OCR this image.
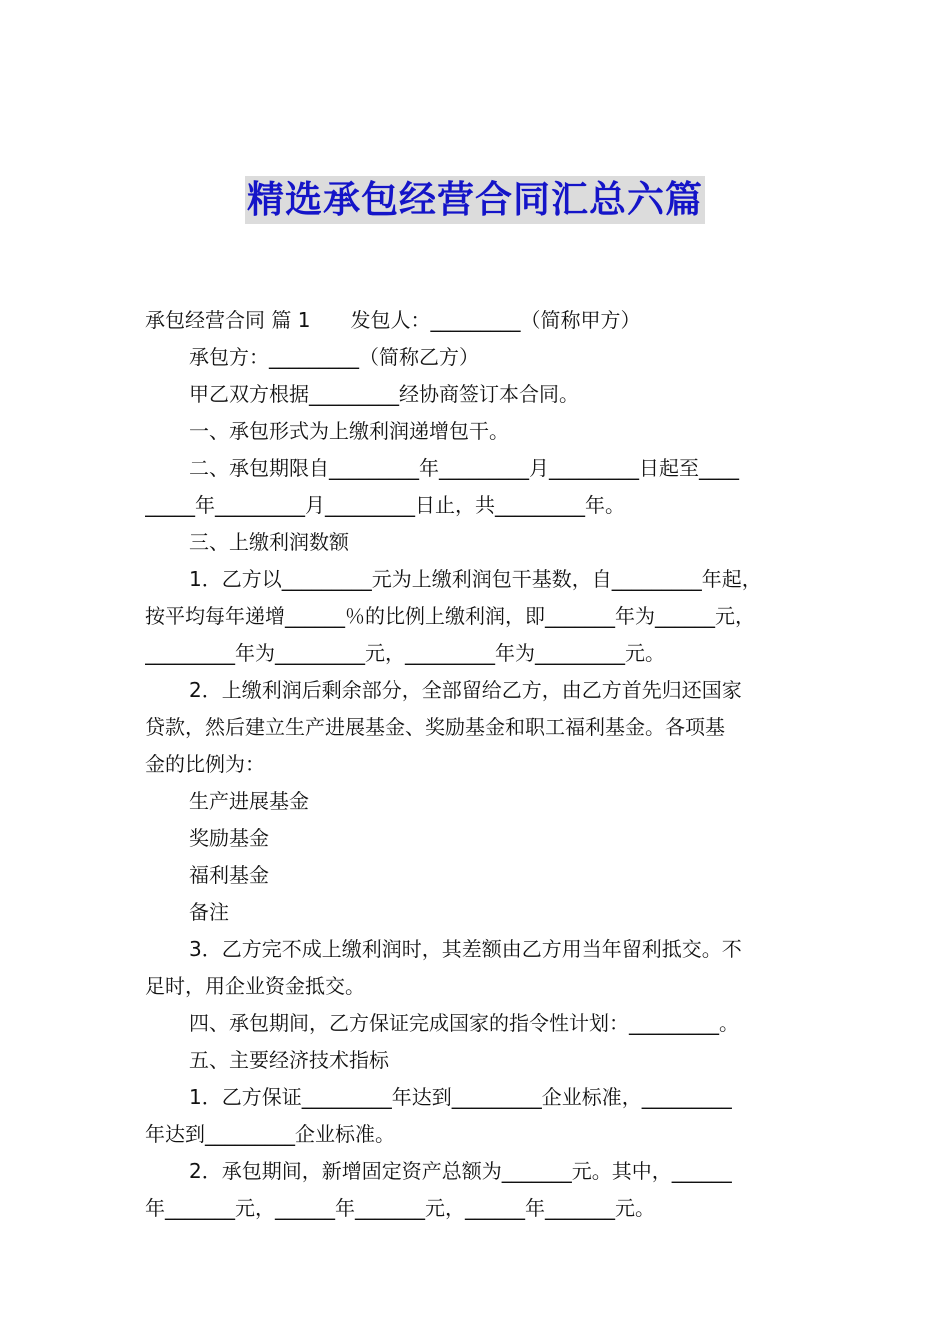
精选承包经营合同汇总六篇
承包经营合同 篇 1　　发包人：_________（简称甲方）
承包方：_________（简称乙方）
甲乙双方根据_________经协商签订本合同。
一、承包形式为上缴利润递增包干。
二、承包期限自_________年_________月_________日起至____
_____年_________月_________日止，共_________年。
三、上缴利润数额
1．乙方以_________元为上缴利润包干基数，自_________年起，
按平均每年递增______％的比例上缴利润，即_______年为______元，
_________年为_________元，_________年为_________元。
2．上缴利润后剩余部分，全部留给乙方，由乙方首先归还国家
贷款，然后建立生产进展基金、奖励基金和职工福利基金。各项基
金的比例为：
生产进展基金
奖励基金
福利基金
备注
3．乙方完不成上缴利润时，其差额由乙方用当年留利抵交。不
足时，用企业资金抵交。
四、承包期间，乙方保证完成国家的指令性计划：_________。
五、主要经济技术指标
1．乙方保证_________年达到_________企业标准，_________
年达到_________企业标准。
2．承包期间，新增固定资产总额为_______元。其中，______
年_______元，______年_______元，______年_______元。
